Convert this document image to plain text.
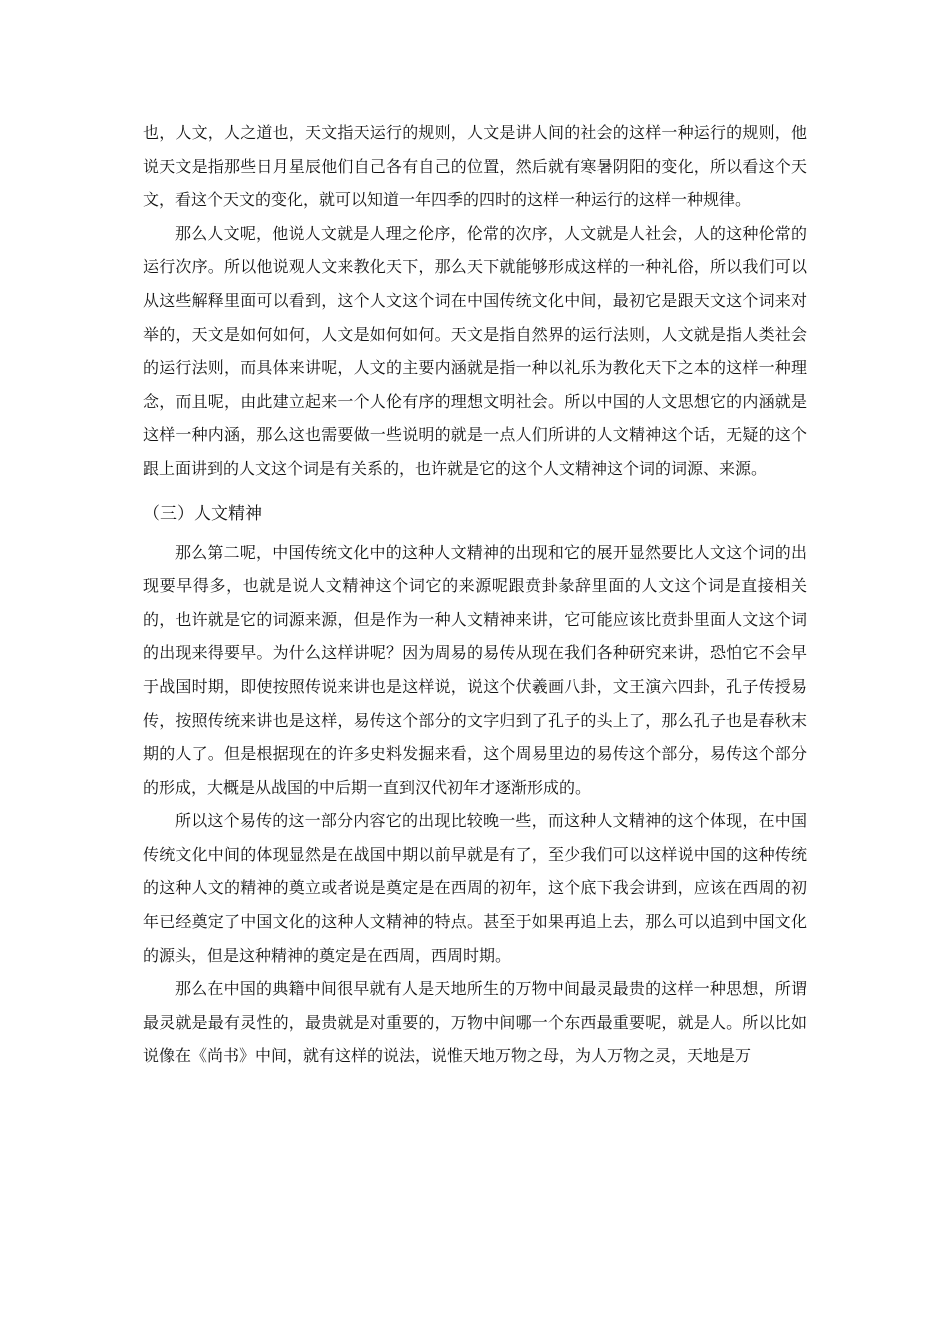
也，人文，人之道也，天文指天运行的规则，人文是讲人间的社会的这样一种运行的规则，他说天文是指那些日月星辰他们自己各有自己的位置，然后就有寒暑阴阳的变化，所以看这个天文，看这个天文的变化，就可以知道一年四季的四时的这样一种运行的这样一种规律。

那么人文呢，他说人文就是人理之伦序，伦常的次序，人文就是人社会，人的这种伦常的运行次序。所以他说观人文来教化天下，那么天下就能够形成这样的一种礼俗，所以我们可以从这些解释里面可以看到，这个人文这个词在中国传统文化中间，最初它是跟天文这个词来对举的，天文是如何如何，人文是如何如何。天文是指自然界的运行法则，人文就是指人类社会的运行法则，而具体来讲呢，人文的主要内涵就是指一种以礼乐为教化天下之本的这样一种理念，而且呢，由此建立起来一个人伦有序的理想文明社会。所以中国的人文思想它的内涵就是这样一种内涵，那么这也需要做一些说明的就是一点人们所讲的人文精神这个话，无疑的这个跟上面讲到的人文这个词是有关系的，也许就是它的这个人文精神这个词的词源、来源。

（三）人文精神

那么第二呢，中国传统文化中的这种人文精神的出现和它的展开显然要比人文这个词的出现要早得多，也就是说人文精神这个词它的来源呢跟贲卦彖辞里面的人文这个词是直接相关的，也许就是它的词源来源，但是作为一种人文精神来讲，它可能应该比贲卦里面人文这个词的出现来得要早。为什么这样讲呢？因为周易的易传从现在我们各种研究来讲，恐怕它不会早于战国时期，即使按照传说来讲也是这样说，说这个伏羲画八卦，文王演六四卦，孔子传授易传，按照传统来讲也是这样，易传这个部分的文字归到了孔子的头上了，那么孔子也是春秋末期的人了。但是根据现在的许多史料发掘来看，这个周易里边的易传这个部分，易传这个部分的形成，大概是从战国的中后期一直到汉代初年才逐渐形成的。

所以这个易传的这一部分内容它的出现比较晚一些，而这种人文精神的这个体现，在中国传统文化中间的体现显然是在战国中期以前早就是有了，至少我们可以这样说中国的这种传统的这种人文的精神的奠立或者说是奠定是在西周的初年，这个底下我会讲到，应该在西周的初年已经奠定了中国文化的这种人文精神的特点。甚至于如果再追上去，那么可以追到中国文化的源头，但是这种精神的奠定是在西周，西周时期。

那么在中国的典籍中间很早就有人是天地所生的万物中间最灵最贵的这样一种思想，所谓最灵就是最有灵性的，最贵就是对重要的，万物中间哪一个东西最重要呢，就是人。所以比如说像在《尚书》中间，就有这样的说法，说惟天地万物之母，为人万物之灵，天地是万
